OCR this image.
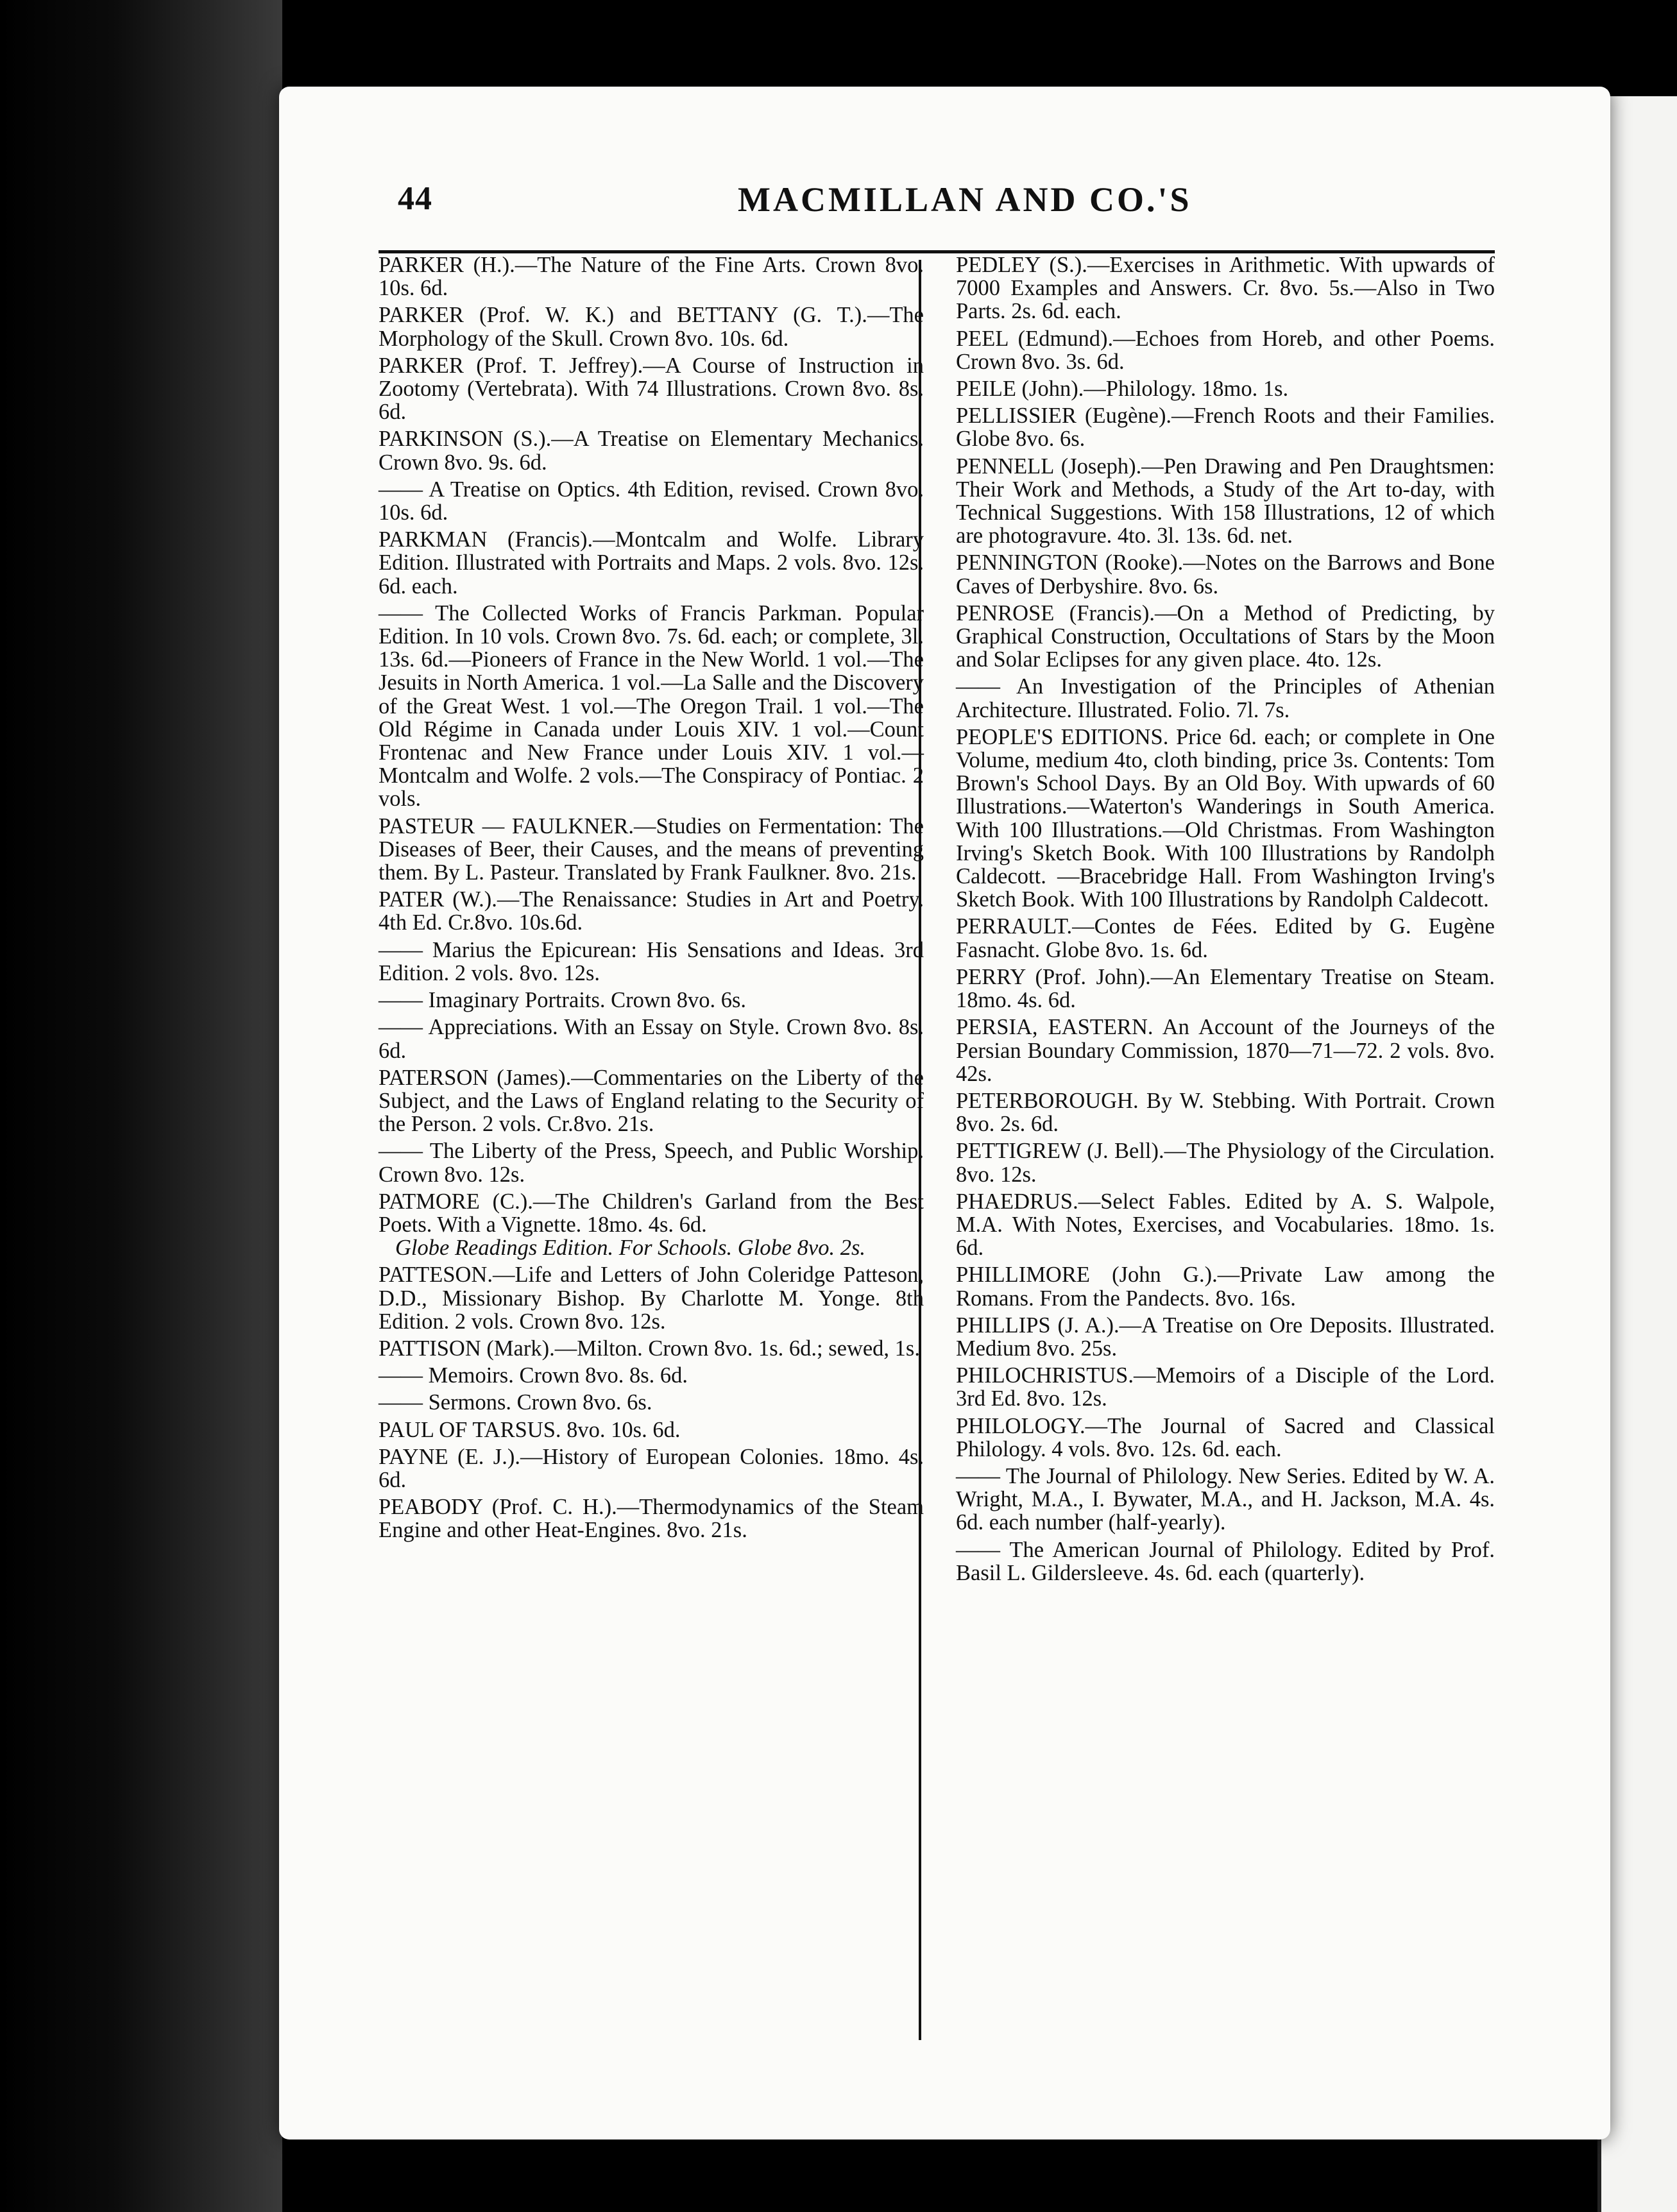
44	MACMILLAN AND CO.'S

PARKER (H.).—The Nature of the Fine Arts. Crown 8vo. 10s. 6d.

PARKER (Prof. W. K.) and BETTANY (G. T.).—The Morphology of the Skull. Crown 8vo. 10s. 6d.

PARKER (Prof. T. Jeffrey).—A Course of Instruction in Zootomy (Vertebrata). With 74 Illustrations. Crown 8vo. 8s. 6d.

PARKINSON (S.).—A Treatise on Elementary Mechanics. Crown 8vo. 9s. 6d.

—— A Treatise on Optics. 4th Edition, revised. Crown 8vo. 10s. 6d.

PARKMAN (Francis).—Montcalm and Wolfe. Library Edition. Illustrated with Portraits and Maps. 2 vols. 8vo. 12s. 6d. each.

—— The Collected Works of Francis Parkman. Popular Edition. In 10 vols. Crown 8vo. 7s. 6d. each; or complete, 3l. 13s. 6d.—Pioneers of France in the New World. 1 vol.—The Jesuits in North America. 1 vol.—La Salle and the Discovery of the Great West. 1 vol.—The Oregon Trail. 1 vol.—The Old Régime in Canada under Louis XIV. 1 vol.—Count Frontenac and New France under Louis XIV. 1 vol.—Montcalm and Wolfe. 2 vols.—The Conspiracy of Pontiac. 2 vols.

PASTEUR — FAULKNER.—Studies on Fermentation: The Diseases of Beer, their Causes, and the means of preventing them. By L. Pasteur. Translated by Frank Faulkner. 8vo. 21s.

PATER (W.).—The Renaissance: Studies in Art and Poetry. 4th Ed. Cr.8vo. 10s.6d.

—— Marius the Epicurean: His Sensations and Ideas. 3rd Edition. 2 vols. 8vo. 12s.

—— Imaginary Portraits. Crown 8vo. 6s.

—— Appreciations. With an Essay on Style. Crown 8vo. 8s. 6d.

PATERSON (James).—Commentaries on the Liberty of the Subject, and the Laws of England relating to the Security of the Person. 2 vols. Cr.8vo. 21s.

—— The Liberty of the Press, Speech, and Public Worship. Crown 8vo. 12s.

PATMORE (C.).—The Children's Garland from the Best Poets. With a Vignette. 18mo. 4s. 6d.

Globe Readings Edition. For Schools. Globe 8vo. 2s.

PATTESON.—Life and Letters of John Coleridge Patteson, D.D., Missionary Bishop. By Charlotte M. Yonge. 8th Edition. 2 vols. Crown 8vo. 12s.

PATTISON (Mark).—Milton. Crown 8vo. 1s. 6d.; sewed, 1s.

—— Memoirs. Crown 8vo. 8s. 6d.

—— Sermons. Crown 8vo. 6s.

PAUL OF TARSUS. 8vo. 10s. 6d.

PAYNE (E. J.).—History of European Colonies. 18mo. 4s. 6d.

PEABODY (Prof. C. H.).—Thermodynamics of the Steam Engine and other Heat-Engines. 8vo. 21s.

PEDLEY (S.).—Exercises in Arithmetic. With upwards of 7000 Examples and Answers. Cr. 8vo. 5s.—Also in Two Parts. 2s. 6d. each.

PEEL (Edmund).—Echoes from Horeb, and other Poems. Crown 8vo. 3s. 6d.

PEILE (John).—Philology. 18mo. 1s.

PELLISSIER (Eugène).—French Roots and their Families. Globe 8vo. 6s.

PENNELL (Joseph).—Pen Drawing and Pen Draughtsmen: Their Work and Methods, a Study of the Art to-day, with Technical Suggestions. With 158 Illustrations, 12 of which are photogravure. 4to. 3l. 13s. 6d. net.

PENNINGTON (Rooke).—Notes on the Barrows and Bone Caves of Derbyshire. 8vo. 6s.

PENROSE (Francis).—On a Method of Predicting, by Graphical Construction, Occultations of Stars by the Moon and Solar Eclipses for any given place. 4to. 12s.

—— An Investigation of the Principles of Athenian Architecture. Illustrated. Folio. 7l. 7s.

PEOPLE'S EDITIONS. Price 6d. each; or complete in One Volume, medium 4to, cloth binding, price 3s. Contents: Tom Brown's School Days. By an Old Boy. With upwards of 60 Illustrations.—Waterton's Wanderings in South America. With 100 Illustrations.—Old Christmas. From Washington Irving's Sketch Book. With 100 Illustrations by Randolph Caldecott. —Bracebridge Hall. From Washington Irving's Sketch Book. With 100 Illustrations by Randolph Caldecott.

PERRAULT.—Contes de Fées. Edited by G. Eugène Fasnacht. Globe 8vo. 1s. 6d.

PERRY (Prof. John).—An Elementary Treatise on Steam. 18mo. 4s. 6d.

PERSIA, EASTERN. An Account of the Journeys of the Persian Boundary Commission, 1870—71—72. 2 vols. 8vo. 42s.

PETERBOROUGH. By W. Stebbing. With Portrait. Crown 8vo. 2s. 6d.

PETTIGREW (J. Bell).—The Physiology of the Circulation. 8vo. 12s.

PHAEDRUS.—Select Fables. Edited by A. S. Walpole, M.A. With Notes, Exercises, and Vocabularies. 18mo. 1s. 6d.

PHILLIMORE (John G.).—Private Law among the Romans. From the Pandects. 8vo. 16s.

PHILLIPS (J. A.).—A Treatise on Ore Deposits. Illustrated. Medium 8vo. 25s.

PHILOCHRISTUS.—Memoirs of a Disciple of the Lord. 3rd Ed. 8vo. 12s.

PHILOLOGY.—The Journal of Sacred and Classical Philology. 4 vols. 8vo. 12s. 6d. each.

—— The Journal of Philology. New Series. Edited by W. A. Wright, M.A., I. Bywater, M.A., and H. Jackson, M.A. 4s. 6d. each number (half-yearly).

—— The American Journal of Philology. Edited by Prof. Basil L. Gildersleeve. 4s. 6d. each (quarterly).
